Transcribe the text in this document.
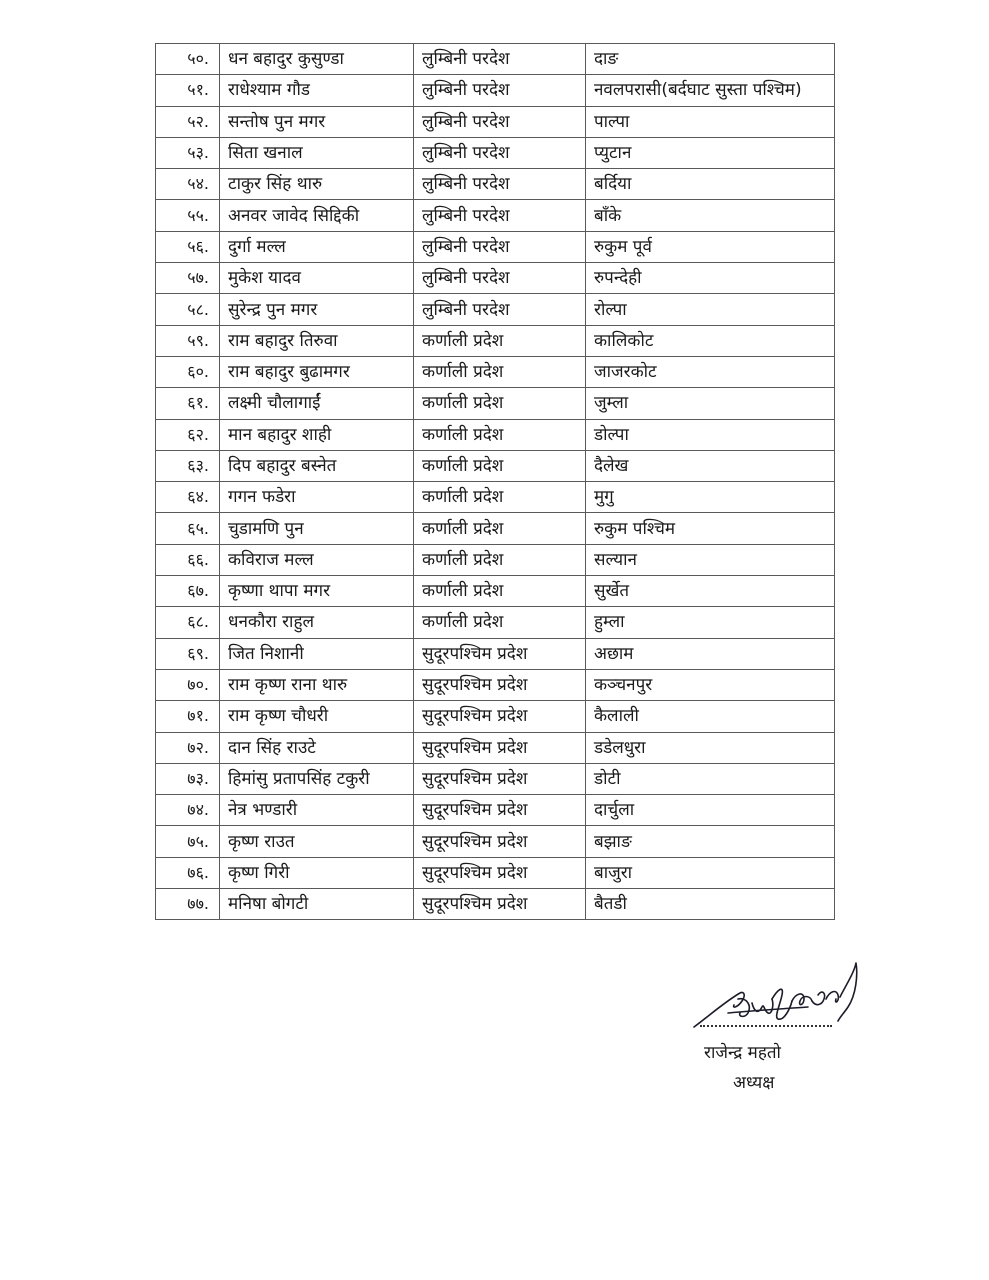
५०.	धन बहादुर कुसुण्डा	लुम्बिनी परदेश	दाङ
५१.	राधेश्याम गौड	लुम्बिनी परदेश	नवलपरासी(बर्दघाट सुस्ता पश्चिम)
५२.	सन्तोष पुन मगर	लुम्बिनी परदेश	पाल्पा
५३.	सिता खनाल	लुम्बिनी परदेश	प्युटान
५४.	टाकुर सिंह थारु	लुम्बिनी परदेश	बर्दिया
५५.	अनवर जावेद सिद्दिकी	लुम्बिनी परदेश	बाँके
५६.	दुर्गा मल्ल	लुम्बिनी परदेश	रुकुम पूर्व
५७.	मुकेश यादव	लुम्बिनी परदेश	रुपन्देही
५८.	सुरेन्द्र पुन मगर	लुम्बिनी परदेश	रोल्पा
५९.	राम बहादुर तिरुवा	कर्णाली प्रदेश	कालिकोट
६०.	राम बहादुर बुढामगर	कर्णाली प्रदेश	जाजरकोट
६१.	लक्ष्मी चौलागाईं	कर्णाली प्रदेश	जुम्ला
६२.	मान बहादुर शाही	कर्णाली प्रदेश	डोल्पा
६३.	दिप बहादुर बस्नेत	कर्णाली प्रदेश	दैलेख
६४.	गगन फडेरा	कर्णाली प्रदेश	मुगु
६५.	चुडामणि पुन	कर्णाली प्रदेश	रुकुम पश्चिम
६६.	कविराज मल्ल	कर्णाली प्रदेश	सल्यान
६७.	कृष्णा थापा मगर	कर्णाली प्रदेश	सुर्खेत
६८.	धनकौरा राहुल	कर्णाली प्रदेश	हुम्ला
६९.	जित निशानी	सुदूरपश्चिम प्रदेश	अछाम
७०.	राम कृष्ण राना थारु	सुदूरपश्चिम प्रदेश	कञ्चनपुर
७१.	राम कृष्ण चौधरी	सुदूरपश्चिम प्रदेश	कैलाली
७२.	दान सिंह राउटे	सुदूरपश्चिम प्रदेश	डडेलधुरा
७३.	हिमांसु प्रतापसिंह टकुरी	सुदूरपश्चिम प्रदेश	डोटी
७४.	नेत्र भण्डारी	सुदूरपश्चिम प्रदेश	दार्चुला
७५.	कृष्ण राउत	सुदूरपश्चिम प्रदेश	बझाङ
७६.	कृष्ण गिरी	सुदूरपश्चिम प्रदेश	बाजुरा
७७.	मनिषा बोगटी	सुदूरपश्चिम प्रदेश	बैतडी
राजेन्द्र महतो
अध्यक्ष
